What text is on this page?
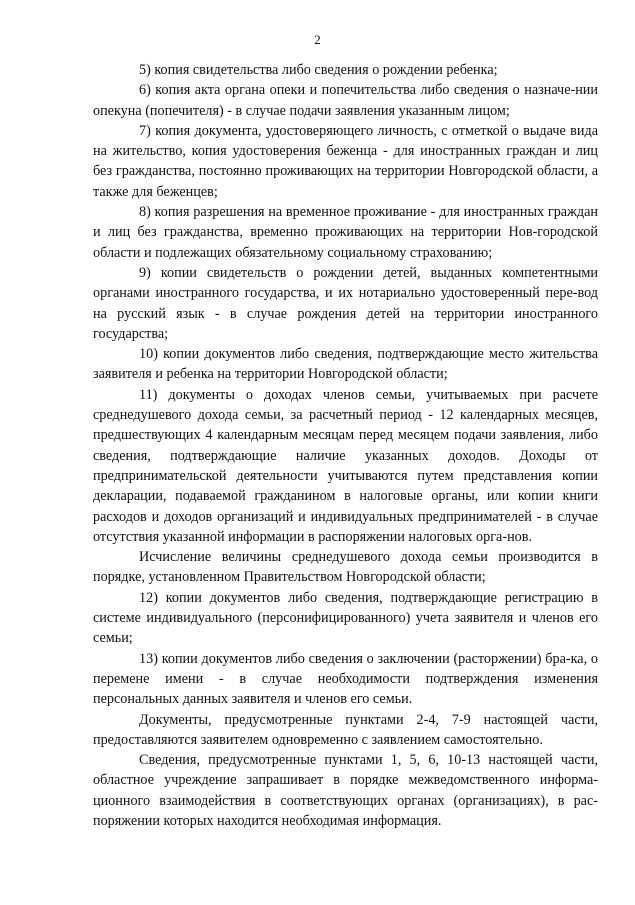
2

5) копия свидетельства либо сведения о рождении ребенка;

6) копия акта органа опеки и попечительства либо сведения о назначе-нии опекуна (попечителя) - в случае подачи заявления указанным лицом;

7) копия документа, удостоверяющего личность, с отметкой о выдаче вида на жительство, копия удостоверения беженца - для иностранных граждан и лиц без гражданства, постоянно проживающих на территории Новгородской области, а также для беженцев;

8) копия разрешения на временное проживание - для иностранных граждан и лиц без гражданства, временно проживающих на территории Нов-городской области и подлежащих обязательному социальному страхованию;

9) копии свидетельств о рождении детей, выданных компетентными органами иностранного государства, и их нотариально удостоверенный пере-вод на русский язык - в случае рождения детей на территории иностранного государства;

10) копии документов либо сведения, подтверждающие место жительства заявителя и ребенка на территории Новгородской области;

11) документы о доходах членов семьи, учитываемых при расчете среднедушевого дохода семьи, за расчетный период - 12 календарных месяцев, предшествующих 4 календарным месяцам перед месяцем подачи заявления, либо сведения, подтверждающие наличие указанных доходов. Доходы от предпринимательской деятельности учитываются путем представления копии декларации, подаваемой гражданином в налоговые органы, или копии книги расходов и доходов организаций и индивидуальных предпринимателей - в случае отсутствия указанной информации в распоряжении налоговых орга-нов.

Исчисление величины среднедушевого дохода семьи производится в порядке, установленном Правительством Новгородской области;

12) копии документов либо сведения, подтверждающие регистрацию в системе индивидуального (персонифицированного) учета заявителя и членов его семьи;

13) копии документов либо сведения о заключении (расторжении) бра-ка, о перемене имени - в случае необходимости подтверждения изменения персональных данных заявителя и членов его семьи.

Документы, предусмотренные пунктами 2-4, 7-9 настоящей части, предоставляются заявителем одновременно с заявлением самостоятельно.

Сведения, предусмотренные пунктами 1, 5, 6, 10-13 настоящей части, областное учреждение запрашивает в порядке межведомственного информа-ционного взаимодействия в соответствующих органах (организациях), в рас-поряжении которых находится необходимая информация.
